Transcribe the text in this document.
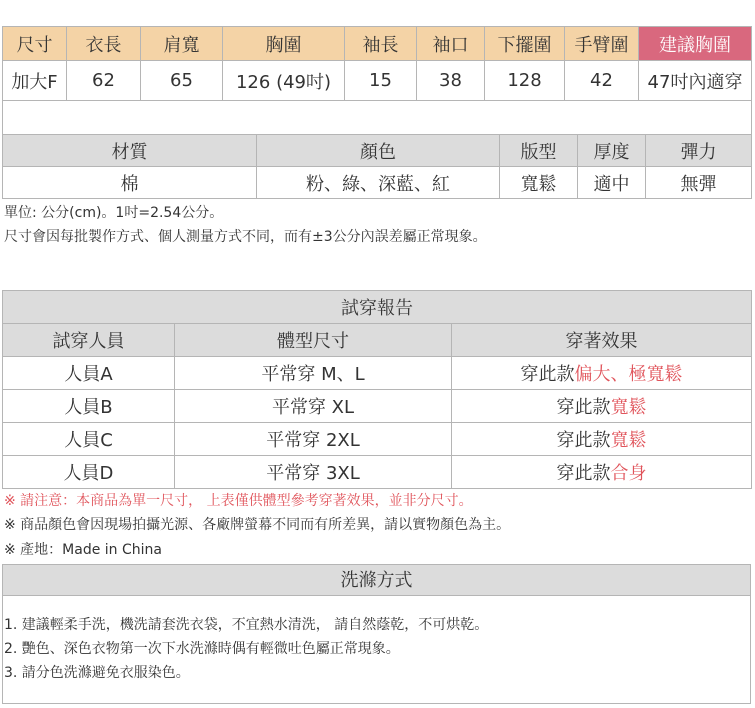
尺寸	衣長	肩寬	胸圍	袖長	袖口	下擺圍	手臂圍	建議胸圍
加大F	62	65	126 (49吋)	15	38	128	42	47吋內適穿

材質	顏色	版型	厚度	彈力
棉	粉、綠、深藍、紅	寬鬆	適中	無彈
單位: 公分(cm)。1吋=2.54公分。
尺寸會因每批製作方式、個人測量方式不同，而有±3公分內誤差屬正常現象。
試穿報告		
試穿人員	體型尺寸	穿著效果
人員A	平常穿 M、L	穿此款偏大、極寬鬆
人員B	平常穿 XL	穿此款寬鬆
人員C	平常穿 2XL	穿此款寬鬆
人員D	平常穿 3XL	穿此款合身
※ 請注意：本商品為單一尺寸， 上表僅供體型參考穿著效果，並非分尺寸。
※ 商品顏色會因現場拍攝光源、各廠牌螢幕不同而有所差異，請以實物顏色為主。
※ 產地：Made in China
洗滌方式
1. 建議輕柔手洗，機洗請套洗衣袋，不宜熱水清洗， 請自然蔭乾，不可烘乾。
2. 艷色、深色衣物第一次下水洗滌時偶有輕微吐色屬正常現象。
3. 請分色洗滌避免衣服染色。
